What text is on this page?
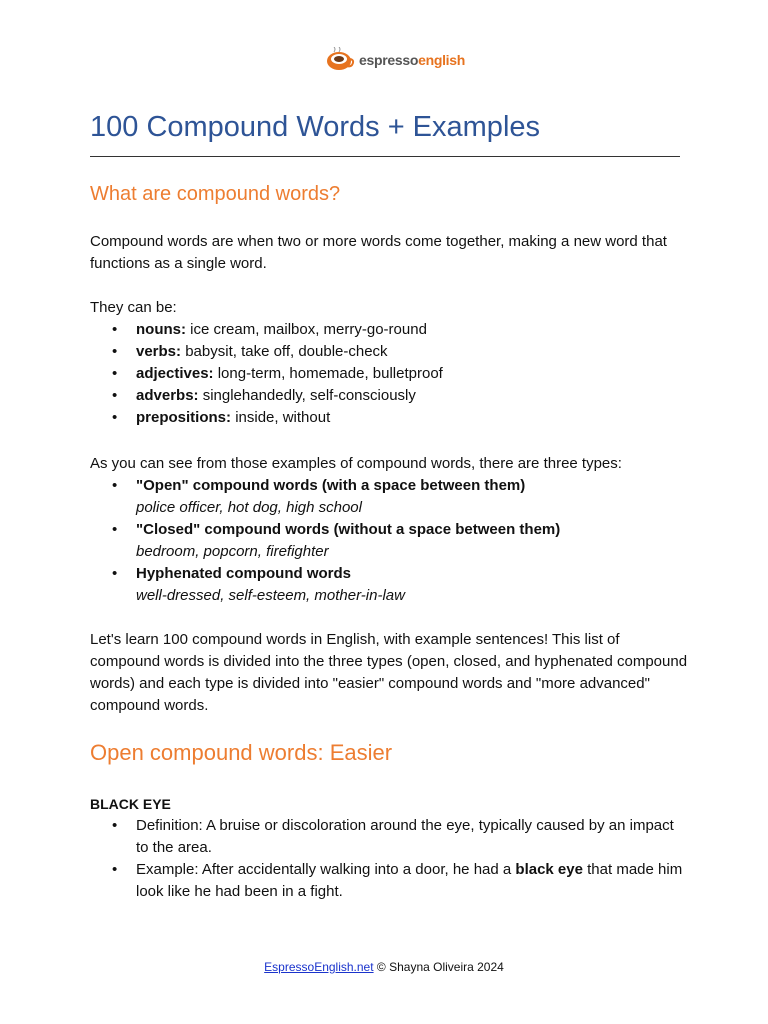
espressoenglish
100 Compound Words + Examples
What are compound words?

Compound words are when two or more words come together, making a new word that functions as a single word.

They can be:

• nouns: ice cream, mailbox, merry-go-round
• verbs: babysit, take off, double-check
• adjectives: long-term, homemade, bulletproof
• adverbs: singlehandedly, self-consciously
• prepositions: inside, without

As you can see from those examples of compound words, there are three types:

• "Open" compound words (with a space between them)
police officer, hot dog, high school
• "Closed" compound words (without a space between them)
bedroom, popcorn, firefighter
• Hyphenated compound words
well-dressed, self-esteem, mother-in-law

Let's learn 100 compound words in English, with example sentences! This list of compound words is divided into the three types (open, closed, and hyphenated compound words) and each type is divided into "easier" compound words and "more advanced" compound words.

Open compound words: Easier

BLACK EYE

• Definition: A bruise or discoloration around the eye, typically caused by an impact to the area.
• Example: After accidentally walking into a door, he had a black eye that made him look like he had been in a fight.
EspressoEnglish.net © Shayna Oliveira 2024
